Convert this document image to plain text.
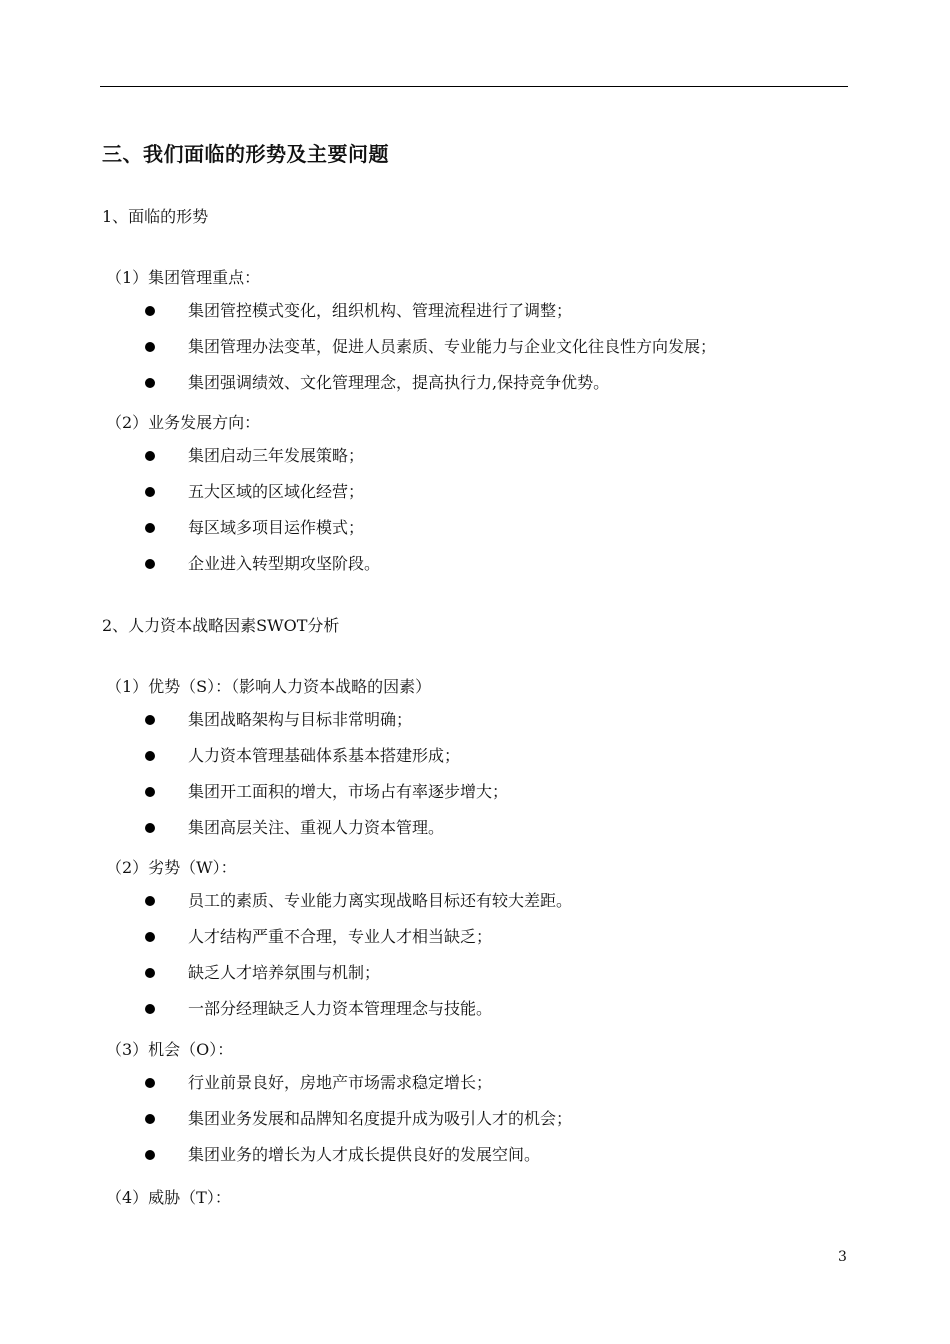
三、我们面临的形势及主要问题
1、面临的形势
（1）集团管理重点：
集团管控模式变化，组织机构、管理流程进行了调整；
集团管理办法变革，促进人员素质、专业能力与企业文化往良性方向发展；
集团强调绩效、文化管理理念，提高执行力,保持竞争优势。
（2）业务发展方向：
集团启动三年发展策略；
五大区域的区域化经营；
每区域多项目运作模式；
企业进入转型期攻坚阶段。
2、人力资本战略因素SWOT分析
（1）优势（S）：（影响人力资本战略的因素）
集团战略架构与目标非常明确；
人力资本管理基础体系基本搭建形成；
集团开工面积的增大，市场占有率逐步增大；
集团高层关注、重视人力资本管理。
（2）劣势（W）：
员工的素质、专业能力离实现战略目标还有较大差距。
人才结构严重不合理，专业人才相当缺乏；
缺乏人才培养氛围与机制；
一部分经理缺乏人力资本管理理念与技能。
（3）机会（O）：
行业前景良好，房地产市场需求稳定增长；
集团业务发展和品牌知名度提升成为吸引人才的机会；
集团业务的增长为人才成长提供良好的发展空间。
（4）威胁（T）：
3
